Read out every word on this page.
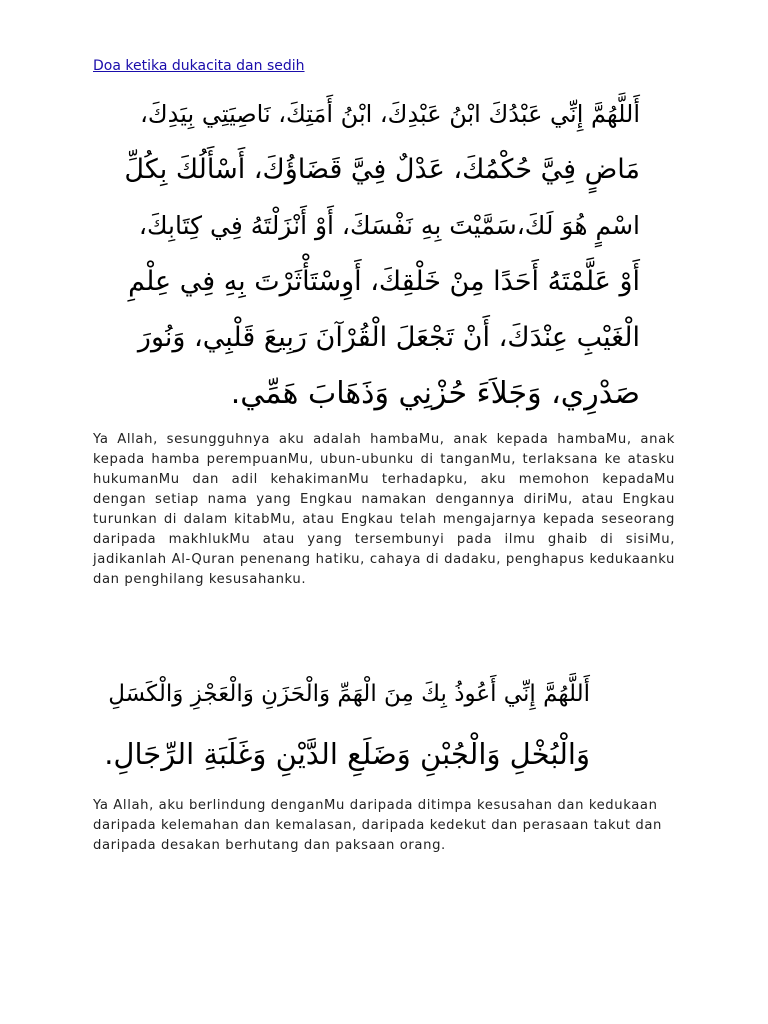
Doa ketika dukacita dan sedih
أَللَّهُمَّ إِنِّي عَبْدُكَ ابْنُ عَبْدِكَ، ابْنُ أَمَتِكَ، نَاصِيَتِي بِيَدِكَ،
مَاضٍ فِيَّ حُكْمُكَ، عَدْلٌ فِيَّ قَضَاؤُكَ، أَسْأَلُكَ بِكُلِّ
اسْمٍ هُوَ لَكَ،سَمَّيْتَ بِهِ نَفْسَكَ، أَوْ أَنْزَلْتَهُ فِي كِتَابِكَ،
أَوْ عَلَّمْتَهُ أَحَدًا مِنْ خَلْقِكَ، أَوِسْتَأْثَرْتَ بِهِ فِي عِلْمِ
الْغَيْبِ عِنْدَكَ، أَنْ تَجْعَلَ الْقُرْآنَ رَبِيعَ قَلْبِي، وَنُورَ
صَدْرِي، وَجَلاَءَ حُزْنِي وَذَهَابَ هَمِّي.

Ya Allah, sesungguhnya aku adalah hambaMu, anak kepada hambaMu, anak kepada hamba perempuanMu, ubun-ubunku di tanganMu, terlaksana ke atasku hukumanMu dan adil kehakimanMu terhadapku, aku memohon kepadaMu dengan setiap nama yang Engkau namakan dengannya diriMu, atau Engkau turunkan di dalam kitabMu, atau Engkau telah mengajarnya kepada seseorang daripada makhlukMu atau yang tersembunyi pada ilmu ghaib di sisiMu, jadikanlah Al-Quran penenang hatiku, cahaya di dadaku, penghapus kedukaanku dan penghilang kesusahanku.

أَللَّهُمَّ إِنِّي أَعُوذُ بِكَ مِنَ الْهَمِّ وَالْحَزَنِ وَالْعَجْزِ وَالْكَسَلِ
وَالْبُخْلِ وَالْجُبْنِ وَضَلَعِ الدَّيْنِ وَغَلَبَةِ الرِّجَالِ.

Ya Allah, aku berlindung denganMu daripada ditimpa kesusahan dan kedukaan daripada kelemahan dan kemalasan, daripada kedekut dan perasaan takut dan daripada desakan berhutang dan paksaan orang.
